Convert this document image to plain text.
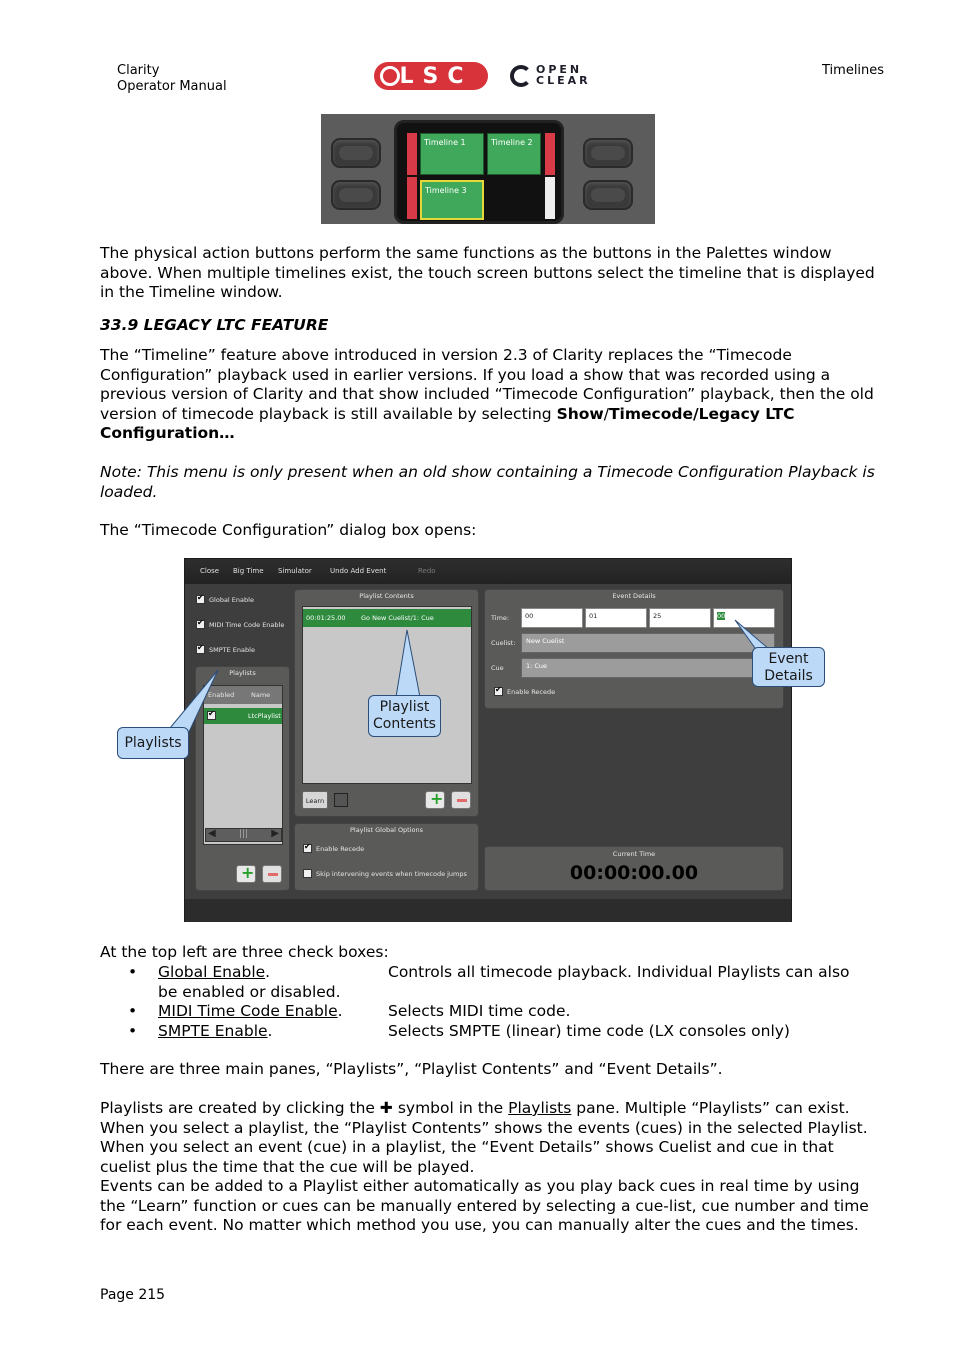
Clarity
Operator Manual	LSC	OPEN
CLEAR
Timelines
Timeline 1	Timeline 2
Timeline 3
The physical action buttons perform the same functions as the buttons in the Palettes window above. When multiple timelines exist, the touch screen buttons select the timeline that is displayed in the Timeline window.
33.9 LEGACY LTC FEATURE
The “Timeline” feature above introduced in version 2.3 of Clarity replaces the “Timecode Configuration” playback used in earlier versions. If you load a show that was recorded using a previous version of Clarity and that show included “Timecode Configuration” playback, then the old version of timecode playback is still available by selecting Show/Timecode/Legacy LTC Configuration…
Note: This menu is only present when an old show containing a Timecode Configuration Playback is loaded.
The “Timecode Configuration” dialog box opens:
Close Big Time Simulator	Undo Add Event	Redo
✔
Global Enable
✔
MIDI Time Code Enable
✔
SMPTE Enable
Playlists
Enabled	Name
✔
LtcPlaylist
◀	▶
|||
+
Playlist Contents
00:01:25.00 Go New Cuelist/1: Cue
Learn
+
Playlist Global Options
✔
Enable Recede
Skip intervening events when timecode jumps
Event Details
Time:	00	01	25	00
Cuelist:	New Cuelist
Cue	1: Cue
✔
Enable Recede
Current Time
00:00:00.00
Event
Details
Playlist
Contents
Playlists
At the top left are three check boxes:
• Global Enable.	Controls all timecode playback. Individual Playlists can also
be enabled or disabled.
• MIDI Time Code Enable.	Selects MIDI time code.
• SMPTE Enable.	Selects SMPTE (linear) time code (LX consoles only)
There are three main panes, “Playlists”, “Playlist Contents” and “Event Details”.
Playlists are created by clicking the ✚ symbol in the Playlists pane. Multiple “Playlists” can exist. When you select a playlist, the “Playlist Contents” shows the events (cues) in the selected Playlist. When you select an event (cue) in a playlist, the “Event Details” shows Cuelist and cue in that cuelist plus the time that the cue will be played.
Events can be added to a Playlist either automatically as you play back cues in real time by using the “Learn” function or cues can be manually entered by selecting a cue-list, cue number and time for each event. No matter which method you use, you can manually alter the cues and the times.
Page 215
